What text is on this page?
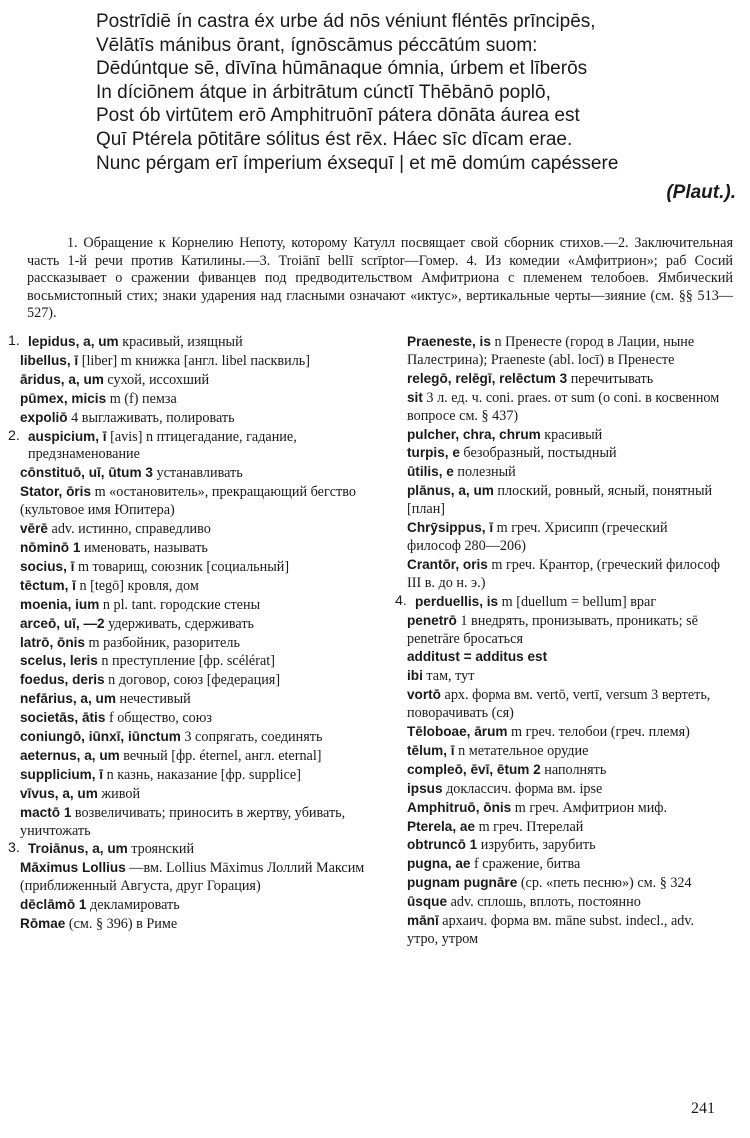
Postrīdiē ín castra éx urbe ád nōs véniunt fléntēs prīncipēs,
Vēlātīs mánibus ōrant, ígnōscāmus péccātúm suom:
Dēdúntque sē, dīvīna hūmānaque ómnia, úrbem et līberōs
In díciōnem átque in árbitrātum cúnctī Thēbānō poplō,
Post ób virtūtem erō Amphitruōnī pátera dōnāta áurea est
Quī Ptérela pōtitāre sólitus ést rēx. Háec sīc dīcam erae.
Nunc pérgam erī ímperium éxsequī | et mē domúm capéssere
(Plaut.).

1. Обращение к Корнелию Непоту, которому Катулл посвящает свой сборник стихов.—2. Заключительная часть 1-й речи против Катилины.—3. Troiānī bellī scrīptor—Гомер. 4. Из комедии «Амфитрион»; раб Сосий рассказывает о сражении фиванцев под предводительством Амфитриона с племенем телобоев. Ямбический восьмистопный стих; знаки ударения над гласными означают «иктус», вертикальные черты—зияние (см. §§ 513—527).

1. lepidus, a, um красивый, изящный
libellus, ī [liber] m книжка [англ. libel пасквиль]
āridus, a, um сухой, иссохший
pūmex, micis m (f) пемза
expoliō 4 выглаживать, полировать
2. auspicium, ī [avis] n птицегадание, гадание, предзнаменование
cōnstituō, uī, ūtum 3 устанавливать
Stator, ōris m «остановитель», прекращающий бегство (культовое имя Юпитера)
vērē adv. истинно, справедливо
nōminō 1 именовать, называть
socius, ī m товарищ, союзник [социальный]
tēctum, ī n [tegō] кровля, дом
moenia, ium n pl. tant. городские стены
arceō, uī, —2 удерживать, сдерживать
latrō, ōnis m разбойник, разоритель
scelus, leris n преступление [фр. scélérat]
foedus, deris n договор, союз [федерация]
nefārius, a, um нечестивый
societās, ātis f общество, союз
coniungō, iūnxī, iūnctum 3 сопрягать, соединять
aeternus, a, um вечный [фр. éternel, англ. eternal]
supplicium, ī n казнь, наказание [фр. supplice]
vīvus, a, um живой
mactō 1 возвеличивать; приносить в жертву, убивать, уничтожать
3. Troiānus, a, um троянский
Māximus Lollius —вм. Lollius Māximus Лоллий Максим (приближенный Августа, друг Горация)
dēclāmō 1 декламировать
Rōmae (см. § 396) в Риме
Praeneste, is n Пренесте (город в Лации, ныне Палестрина); Praeneste (abl. locī) в Пренесте
relegō, relēgī, relēctum 3 перечитывать
sit 3 л. ед. ч. coni. praes. от sum (о coni. в косвенном вопросе см. § 437)
pulcher, chra, chrum красивый
turpis, e безобразный, постыдный
ūtilis, e полезный
plānus, a, um плоский, ровный, ясный, понятный [план]
Chrȳsippus, ī m греч. Хрисипп (греческий философ 280—206)
Crantōr, oris m греч. Крантор, (греческий философ III в. до н. э.)
4. perduellis, is m [duellum = bellum] враг
penetrō 1 внедрять, пронизывать, проникать; sē penetrāre бросаться
additust = additus est
ibi там, тут
vortō арх. форма вм. vertō, vertī, versum 3 вертеть, поворачивать (ся)
Tēloboae, ārum m греч. телобои (греч. племя)
tēlum, ī n метательное орудие
compleō, ēvī, ētum 2 наполнять
ipsus доклассич. форма вм. ipse
Amphitruō, ōnis m греч. Амфитрион миф.
Pterela, ae m греч. Птерелай
obtruncō 1 изрубить, зарубить
pugna, ae f сражение, битва
pugnam pugnāre (ср. «петь песню») см. § 324
ūsque adv. сплошь, вплоть, постоянно
mānī архаич. форма вм. māne subst. indecl., adv. утро, утром
241
